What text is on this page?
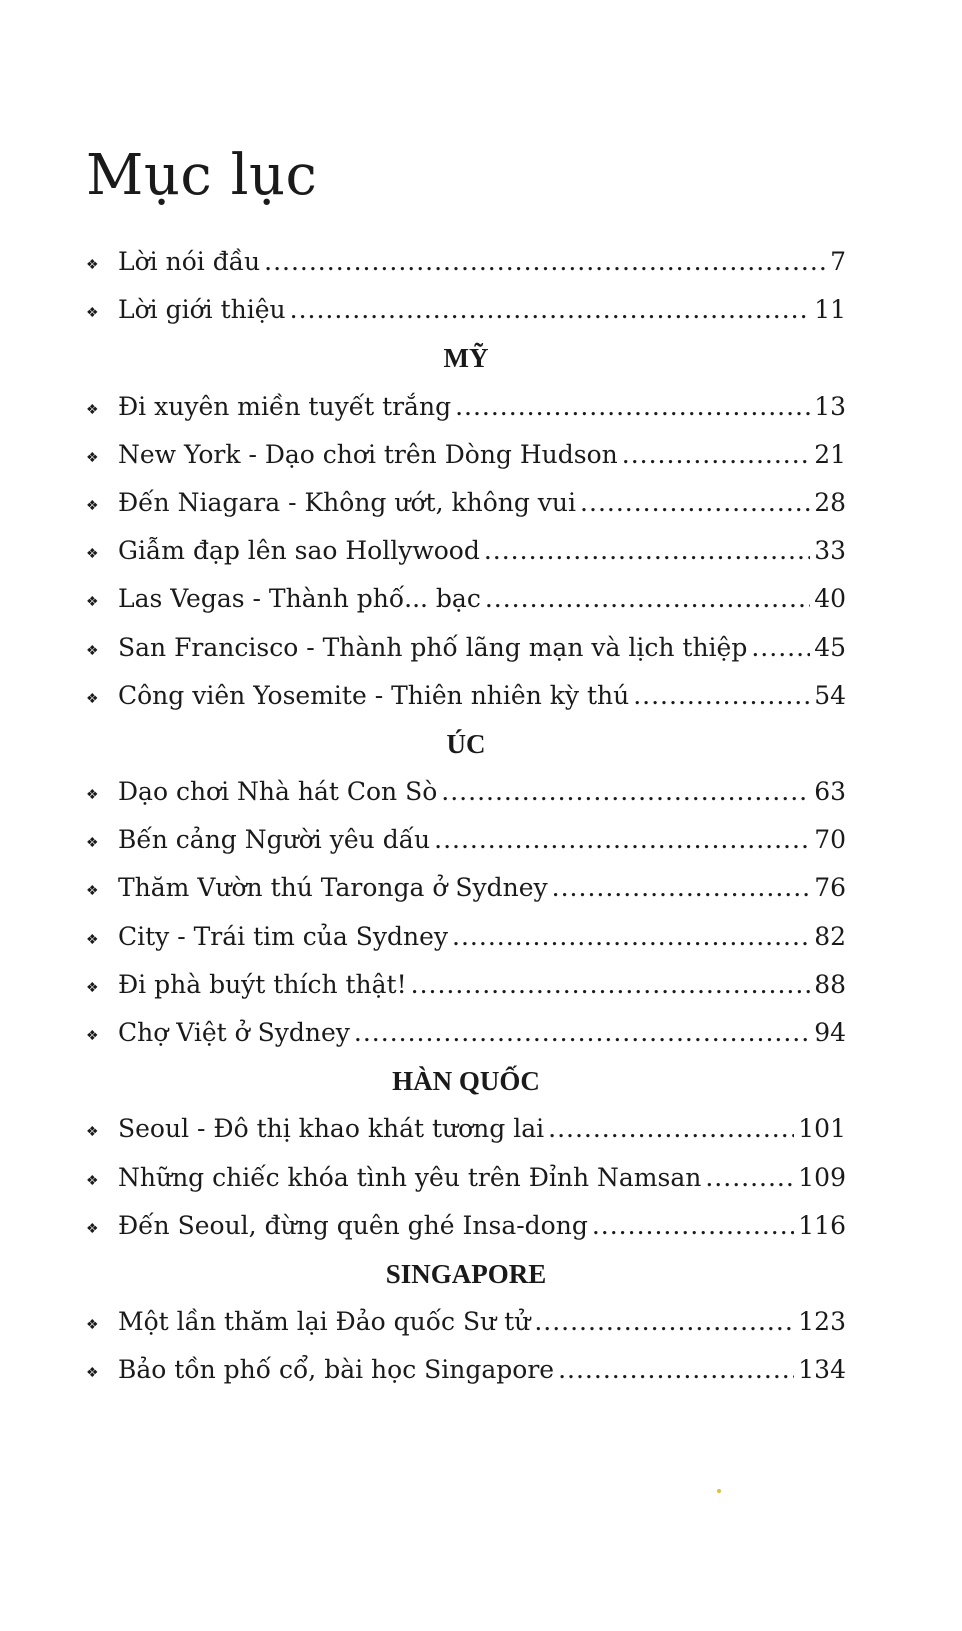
Mục lục
❖ Lời nói đầu .....	7
❖ Lời giới thiệu .....	11
MỸ
❖ Đi xuyên miền tuyết trắng .....	13
❖ New York - Dạo chơi trên Dòng Hudson .....	21
❖ Đến Niagara - Không ướt, không vui .....	28
❖ Giẫm đạp lên sao Hollywood .....	33
❖ Las Vegas - Thành phố... bạc .....	40
❖ San Francisco - Thành phố lãng mạn và lịch thiệp .....	45
❖ Công viên Yosemite - Thiên nhiên kỳ thú .....	54
ÚC
❖ Dạo chơi Nhà hát Con Sò .....	63
❖ Bến cảng Người yêu dấu .....	70
❖ Thăm Vườn thú Taronga ở Sydney .....	76
❖ City - Trái tim của Sydney .....	82
❖ Đi phà buýt thích thật! .....	88
❖ Chợ Việt ở Sydney .....	94
HÀN QUỐC
❖ Seoul - Đô thị khao khát tương lai .....	101
❖ Những chiếc khóa tình yêu trên Đỉnh Namsan .....	109
❖ Đến Seoul, đừng quên ghé Insa-dong .....	116
SINGAPORE
❖ Một lần thăm lại Đảo quốc Sư tử .....	123
❖ Bảo tồn phố cổ, bài học Singapore .....	134
